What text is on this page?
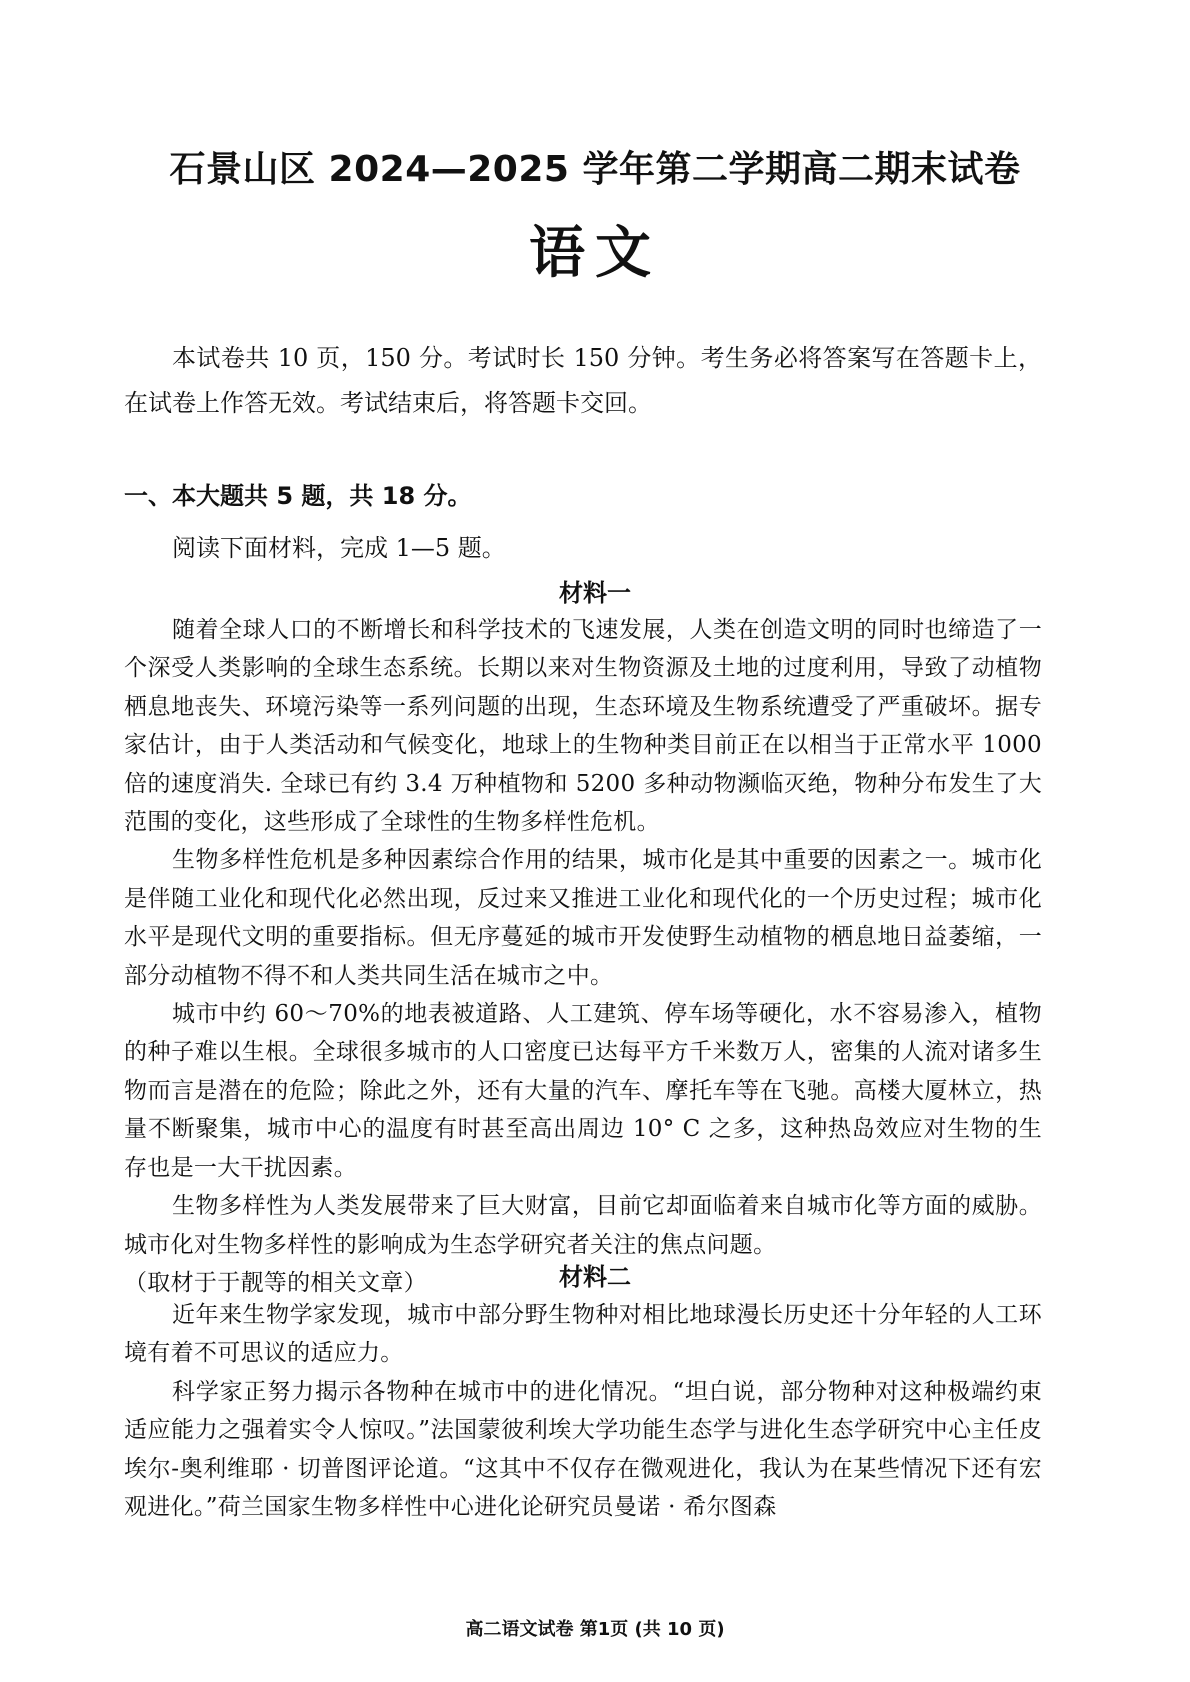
石景山区 2024—2025 学年第二学期高二期末试卷
语文
本试卷共 10 页，150 分。考试时长 150 分钟。考生务必将答案写在答题卡上，在试卷上作答无效。考试结束后，将答题卡交回。
一、本大题共 5 题，共 18 分。
阅读下面材料，完成 1—5 题。
材料一

随着全球人口的不断增长和科学技术的飞速发展，人类在创造文明的同时也缔造了一个深受人类影响的全球生态系统。长期以来对生物资源及土地的过度利用，导致了动植物栖息地丧失、环境污染等一系列问题的出现，生态环境及生物系统遭受了严重破坏。据专家估计，由于人类活动和气候变化，地球上的生物种类目前正在以相当于正常水平 1000 倍的速度消失. 全球已有约 3.4 万种植物和 5200 多种动物濒临灭绝，物种分布发生了大范围的变化，这些形成了全球性的生物多样性危机。

生物多样性危机是多种因素综合作用的结果，城市化是其中重要的因素之一。城市化是伴随工业化和现代化必然出现，反过来又推进工业化和现代化的一个历史过程；城市化水平是现代文明的重要指标。但无序蔓延的城市开发使野生动植物的栖息地日益萎缩，一部分动植物不得不和人类共同生活在城市之中。

城市中约 60～70%的地表被道路、人工建筑、停车场等硬化，水不容易渗入，植物的种子难以生根。全球很多城市的人口密度已达每平方千米数万人，密集的人流对诸多生物而言是潜在的危险；除此之外，还有大量的汽车、摩托车等在飞驰。高楼大厦林立，热量不断聚集，城市中心的温度有时甚至高出周边 10° C 之多，这种热岛效应对生物的生存也是一大干扰因素。

生物多样性为人类发展带来了巨大财富，目前它却面临着来自城市化等方面的威胁。城市化对生物多样性的影响成为生态学研究者关注的焦点问题。

（取材于于靓等的相关文章）	材料二

近年来生物学家发现，城市中部分野生物种对相比地球漫长历史还十分年轻的人工环境有着不可思议的适应力。

科学家正努力揭示各物种在城市中的进化情况。“坦白说，部分物种对这种极端约束适应能力之强着实令人惊叹。”法国蒙彼利埃大学功能生态学与进化生态学研究中心主任皮埃尔-奥利维耶 · 切普图评论道。“这其中不仅存在微观进化，我认为在某些情况下还有宏观进化。”荷兰国家生物多样性中心进化论研究员曼诺 · 希尔图森

高二语文试卷 第1页 (共 10 页)
